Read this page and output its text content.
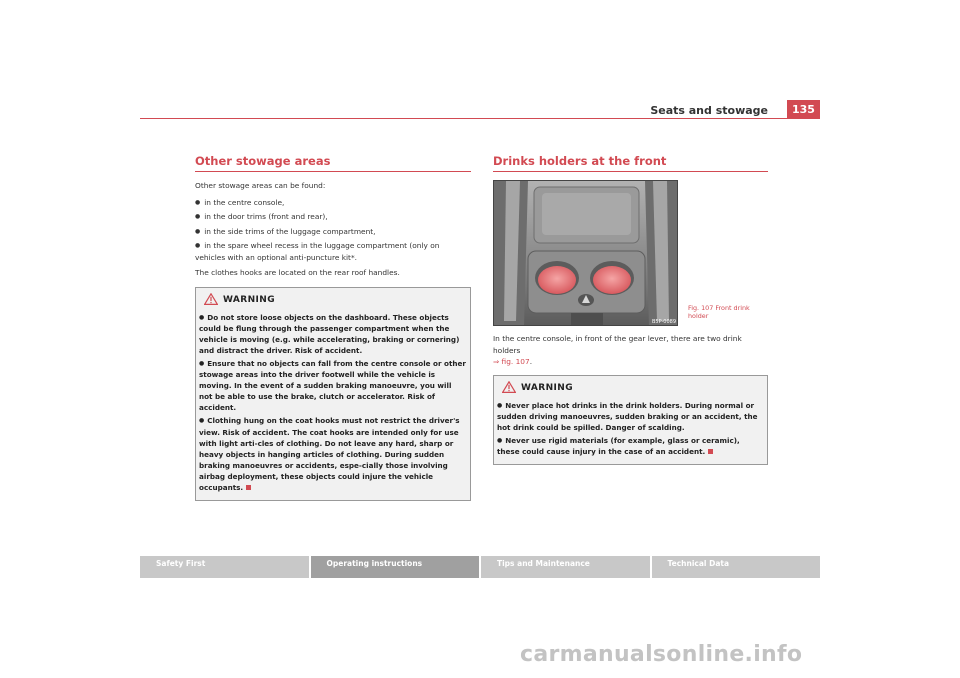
Seats and stowage	135
Other stowage areas

Other stowage areas can be found:

● in the centre console,
● in the door trims (front and rear),
● in the side trims of the luggage compartment,
● in the spare wheel recess in the luggage compartment (only on vehicles with an optional anti-puncture kit*.

The clothes hooks are located on the rear roof handles.

WARNING

● Do not store loose objects on the dashboard. These objects could be flung through the passenger compartment when the vehicle is moving (e.g. while accelerating, braking or cornering) and distract the driver. Risk of accident.

● Ensure that no objects can fall from the centre console or other stowage areas into the driver footwell while the vehicle is moving. In the event of a sudden braking manoeuvre, you will not be able to use the brake, clutch or accelerator. Risk of accident.

● Clothing hung on the coat hooks must not restrict the driver's view. Risk of accident. The coat hooks are intended only for use with light arti-cles of clothing. Do not leave any hard, sharp or heavy objects in hanging articles of clothing. During sudden braking manoeuvres or accidents, espe-cially those involving airbag deployment, these objects could injure the vehicle occupants.

Drinks holders at the front
B5P-0089
Fig. 107 Front drink holder

In the centre console, in front of the gear lever, there are two drink holders
⇒ fig. 107.

WARNING

● Never place hot drinks in the drink holders. During normal or sudden driving manoeuvres, sudden braking or an accident, the hot drink could be spilled. Danger of scalding.

● Never use rigid materials (for example, glass or ceramic), these could cause injury in the case of an accident.

Safety First	Operating instructions	Tips and Maintenance	Technical Data
carmanualsonline.info
